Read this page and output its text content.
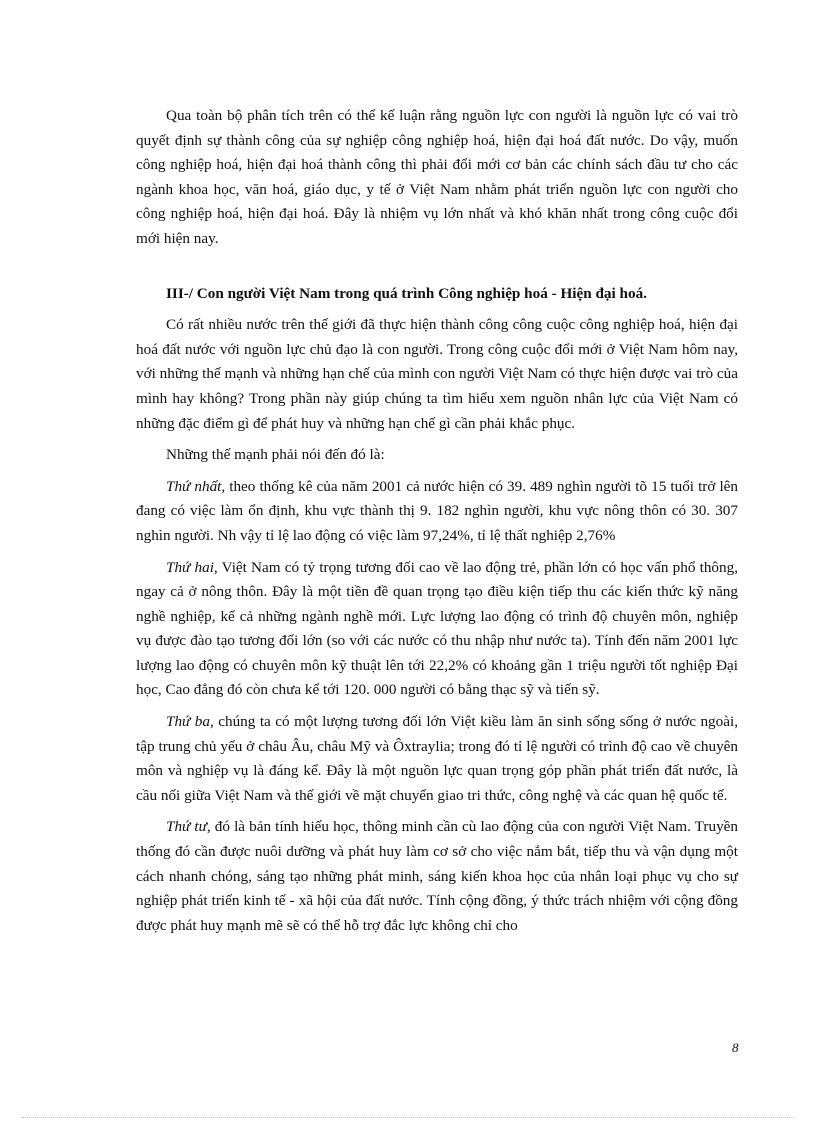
Qua toàn bộ phân tích trên có thể kế luận rằng nguồn lực con người là nguồn lực có vai trò quyết định sự thành công của sự nghiệp công nghiệp hoá, hiện đại hoá đất nước. Do vậy, muốn công nghiệp hoá, hiện đại hoá thành công thì phải đổi mới cơ bản các chính sách đầu tư cho các ngành khoa học, văn hoá, giáo dục, y tế ở Việt Nam nhằm phát triển nguồn lực con người cho công nghiệp hoá, hiện đại hoá. Đây là nhiệm vụ lớn nhất và khó khăn nhất trong công cuộc đổi mới hiện nay.

III-/ Con người Việt Nam trong quá trình Công nghiệp hoá - Hiện đại hoá.

Có rất nhiều nước trên thế giới đã thực hiện thành công công cuộc công nghiệp hoá, hiện đại hoá đất nước với nguồn lực chủ đạo là con người. Trong công cuộc đổi mới ở Việt Nam hôm nay, với những thế mạnh và những hạn chế của mình con người Việt Nam có thực hiện được vai trò của mình hay không? Trong phần này giúp chúng ta tìm hiểu xem nguồn nhân lực của Việt Nam có những đặc điểm gì để phát huy và những hạn chế gì cần phải khắc phục.

Những thế mạnh phải nói đến đó là:

Thứ nhất, theo thống kê của năm 2001 cả nước hiện có 39. 489 nghìn người tõ 15 tuổi trở lên đang có việc làm ổn định, khu vực thành thị 9. 182 nghìn người, khu vực nông thôn có 30. 307 nghìn người. Nh vậy tỉ lệ lao động có việc làm 97,24%, tỉ lệ thất nghiệp 2,76%

Thứ hai, Việt Nam có tỷ trọng tương đối cao về lao động trẻ, phần lớn có học vấn phổ thông, ngay cả ở nông thôn. Đây là một tiền đề quan trọng tạo điều kiện tiếp thu các kiến thức kỹ năng nghề nghiệp, kể cả những ngành nghề mới. Lực lượng lao động có trình độ chuyên môn, nghiệp vụ được đào tạo tương đối lớn (so với các nước có thu nhập như nước ta). Tính đến năm 2001 lực lượng lao động có chuyên môn kỹ thuật lên tới 22,2% có khoảng gần 1 triệu người tốt nghiệp Đại học, Cao đẳng đó còn chưa kể tới 120. 000 người có bằng thạc sỹ và tiến sỹ.

Thứ ba, chúng ta có một lượng tương đối lớn Việt kiều làm ăn sinh sống sống ở nước ngoài, tập trung chủ yếu ở châu Âu, châu Mỹ và Ôxtraylia; trong đó tỉ lệ người có trình độ cao về chuyên môn và nghiệp vụ là đáng kể. Đây là một nguồn lực quan trọng góp phần phát triển đất nước, là cầu nối giữa Việt Nam và thế giới về mặt chuyển giao tri thức, công nghệ và các quan hệ quốc tế.

Thứ tư, đó là bản tính hiếu học, thông minh cần cù lao động của con người Việt Nam. Truyền thống đó cần được nuôi dưỡng và phát huy làm cơ sở cho việc nắm bắt, tiếp thu và vận dụng một cách nhanh chóng, sáng tạo những phát minh, sáng kiến khoa học của nhân loại phục vụ cho sự nghiệp phát triển kinh tế - xã hội của đất nước. Tính cộng đồng, ý thức trách nhiệm với cộng đồng được phát huy mạnh mẽ sẽ có thể hỗ trợ đắc lực không chỉ cho

8
